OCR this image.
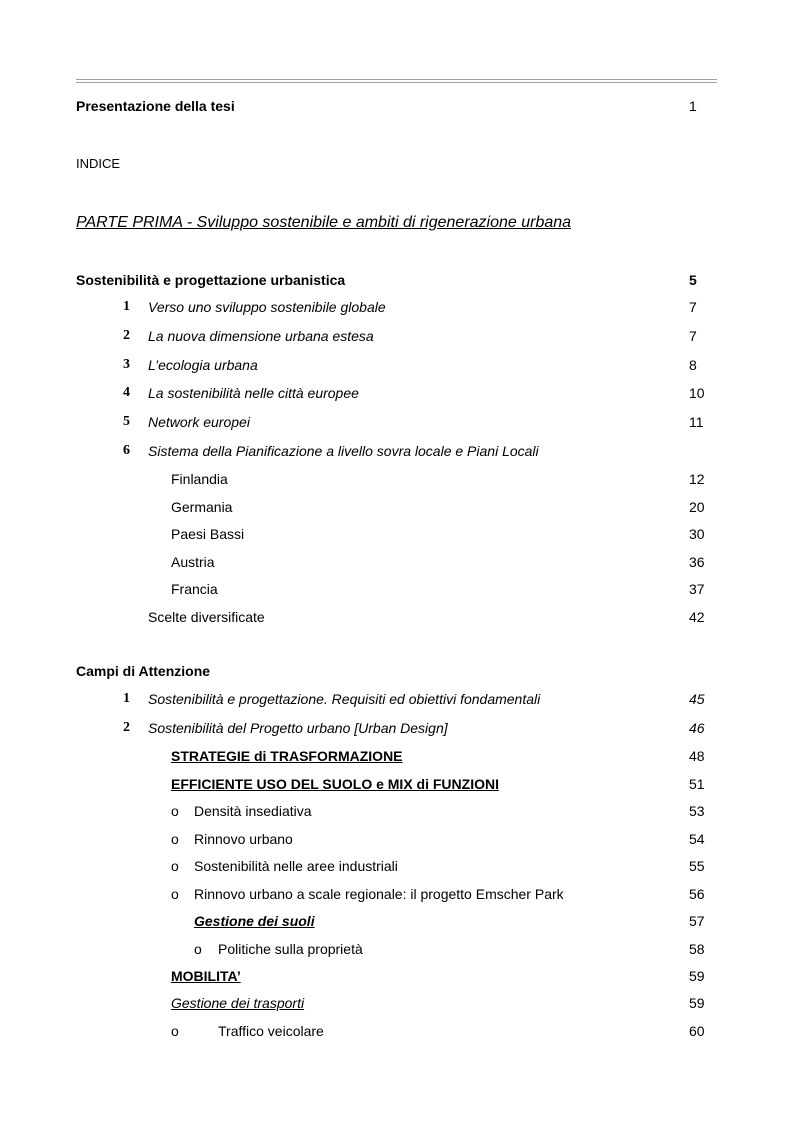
Presentazione della tesi	1
INDICE
PARTE PRIMA - Sviluppo sostenibile e ambiti di rigenerazione urbana
Sostenibilità e progettazione urbanistica	5
1 Verso uno sviluppo sostenibile globale	7
2 La nuova dimensione urbana estesa	7
3 L’ecologia urbana	8
4 La sostenibilità nelle città europee	10
5 Network europei	11
6 Sistema della Pianificazione a livello sovra locale e Piani Locali
Finlandia	12
Germania	20
Paesi Bassi	30
Austria	36
Francia	37
Scelte diversificate	42
Campi di Attenzione
1 Sostenibilità e progettazione. Requisiti ed obiettivi fondamentali	45
2 Sostenibilità del Progetto urbano [Urban Design]	46
STRATEGIE di TRASFORMAZIONE	48
EFFICIENTE USO DEL SUOLO e MIX di FUNZIONI	51
o Densità insediativa	53
o Rinnovo urbano	54
o Sostenibilità nelle aree industriali	55
o Rinnovo urbano a scale regionale: il progetto Emscher Park	56
Gestione dei suoli	57
o Politiche sulla proprietà	58
MOBILITA’	59
Gestione dei trasporti	59
o	Traffico veicolare	60
